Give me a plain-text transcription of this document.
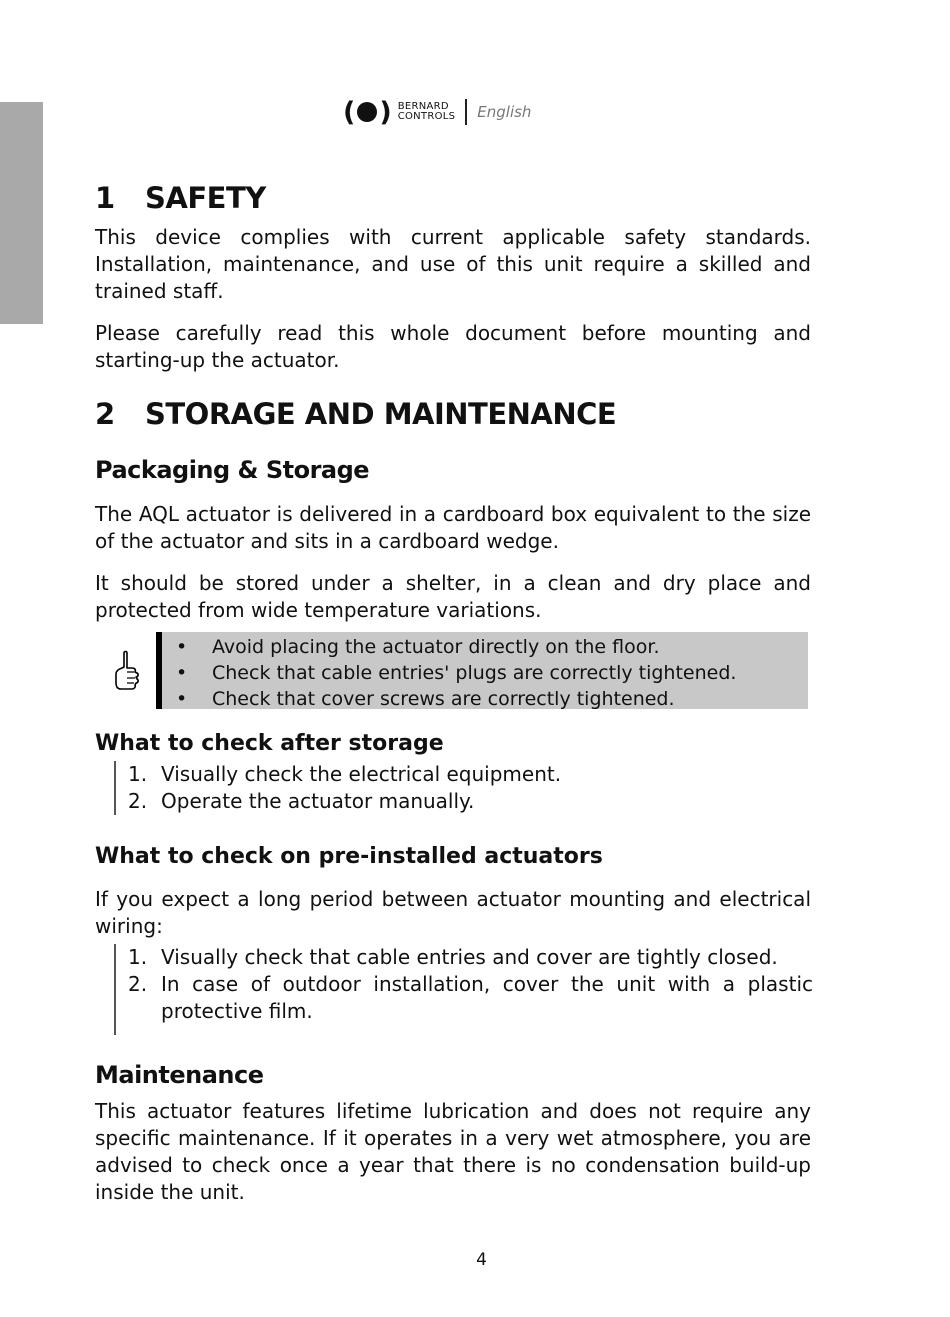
( ) BERNARD
CONTROLS English
1 SAFETY

This device complies with current applicable safety standards. Installation, maintenance, and use of this unit require a skilled and trained staff.

Please carefully read this whole document before mounting and starting-up the actuator.

2 STORAGE AND MAINTENANCE
Packaging & Storage

The AQL actuator is delivered in a cardboard box equivalent to the size of the actuator and sits in a cardboard wedge.

It should be stored under a shelter, in a clean and dry place and protected from wide temperature variations.

What to check after storage
What to check on pre-installed actuators

If you expect a long period between actuator mounting and electrical wiring:

Maintenance

This actuator features lifetime lubrication and does not require any specific maintenance. If it operates in a very wet atmosphere, you are advised to check once a year that there is no condensation build-up inside the unit.

• Avoid placing the actuator directly on the floor.
• Check that cable entries' plugs are correctly tightened.
• Check that cover screws are correctly tightened.
1. Visually check the electrical equipment.
2. Operate the actuator manually.
1. Visually check that cable entries and cover are tightly closed.
2. In case of outdoor installation, cover the unit with a plastic protective film.
4
